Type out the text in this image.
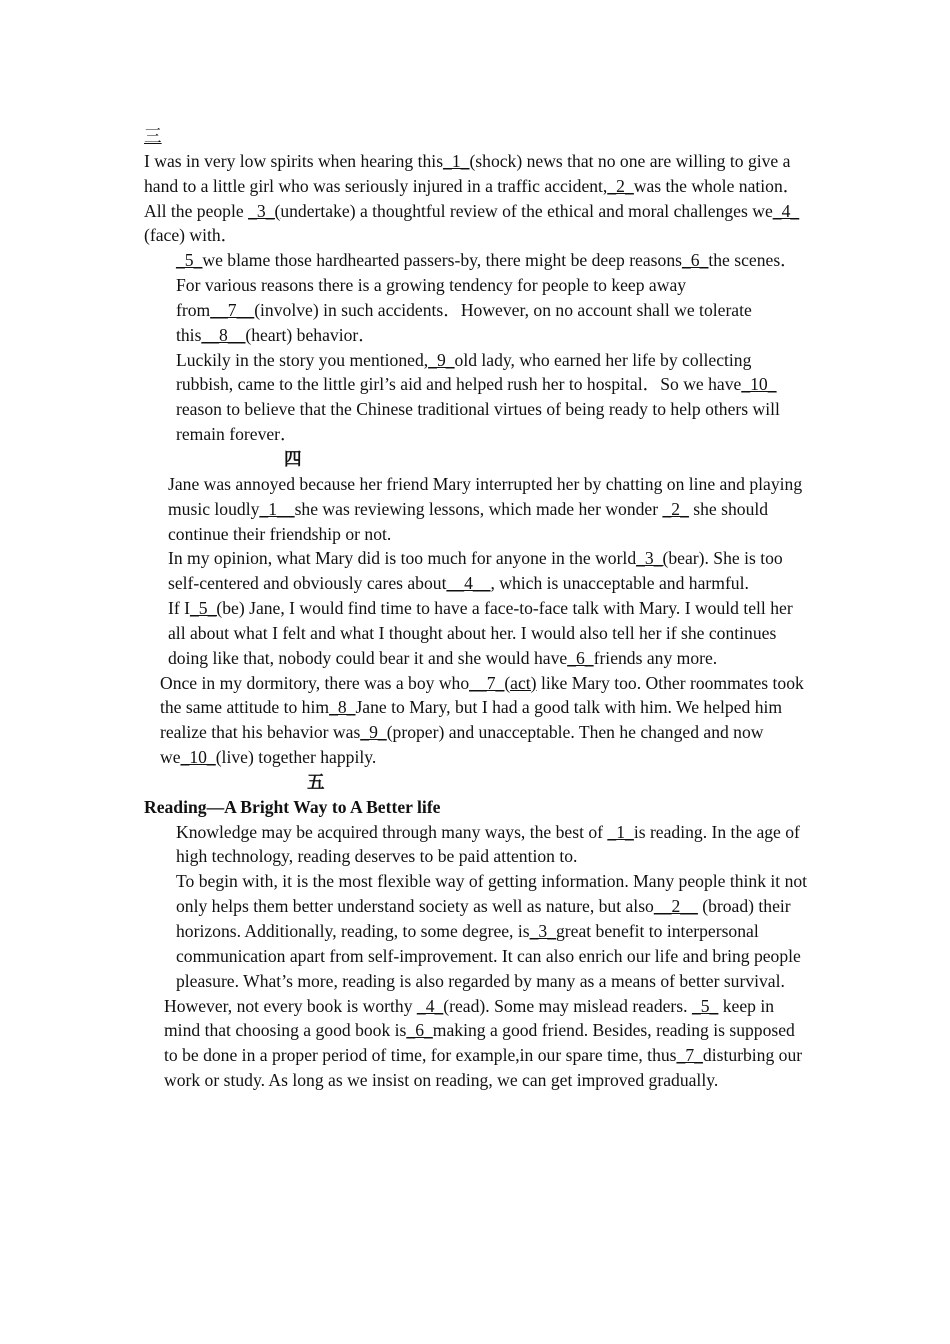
三
I was in very low spirits when hearing this_1_(shock) news that no one are willing to give a hand to a little girl who was seriously injured in a traffic accident,_2_was the whole nation．All the people _3_(undertake) a thoughtful review of the ethical and moral challenges we_4_ (face) with．
_5_we blame those hardhearted passers-by, there might be deep reasons_6_the scenes．For various reasons there is a growing tendency for people to keep away from__7__(involve) in such accidents．However, on no account shall we tolerate this__8__(heart) behavior．
Luckily in the story you mentioned,_9_old lady, who earned her life by collecting rubbish, came to the little girl’s aid and helped rush her to hospital．So we have_10_ reason to believe that the Chinese traditional virtues of being ready to help others will remain forever．
四
Jane was annoyed because her friend Mary interrupted her by chatting on line and playing music loudly_1__she was reviewing lessons, which made her wonder _2_ she should continue their friendship or not.
In my opinion, what Mary did is too much for anyone in the world_3_(bear). She is too self-centered and obviously cares about__4__, which is unacceptable and harmful.
If I_5_(be) Jane, I would find time to have a face-to-face talk with Mary. I would tell her all about what I felt and what I thought about her. I would also tell her if she continues doing like that, nobody could bear it and she would have_6_friends any more.
Once in my dormitory, there was a boy who__7_(act) like Mary too. Other roommates took the same attitude to him_8_Jane to Mary, but I had a good talk with him. We helped him realize that his behavior was_9_(proper) and unacceptable. Then he changed and now we_10_(live) together happily.
五
Reading—A Bright Way to A Better life
Knowledge may be acquired through many ways, the best of _1_is reading. In the age of high technology, reading deserves to be paid attention to.
To begin with, it is the most flexible way of getting information. Many people think it not only helps them better understand society as well as nature, but also__2__ (broad) their horizons. Additionally, reading, to some degree, is_3_great benefit to interpersonal communication apart from self-improvement. It can also enrich our life and bring people pleasure. What’s more, reading is also regarded by many as a means of better survival.
However, not every book is worthy _4_(read). Some may mislead readers. _5_ keep in mind that choosing a good book is_6_making a good friend. Besides, reading is supposed to be done in a proper period of time, for example,in our spare time, thus_7_disturbing our work or study. As long as we insist on reading, we can get improved gradually.
